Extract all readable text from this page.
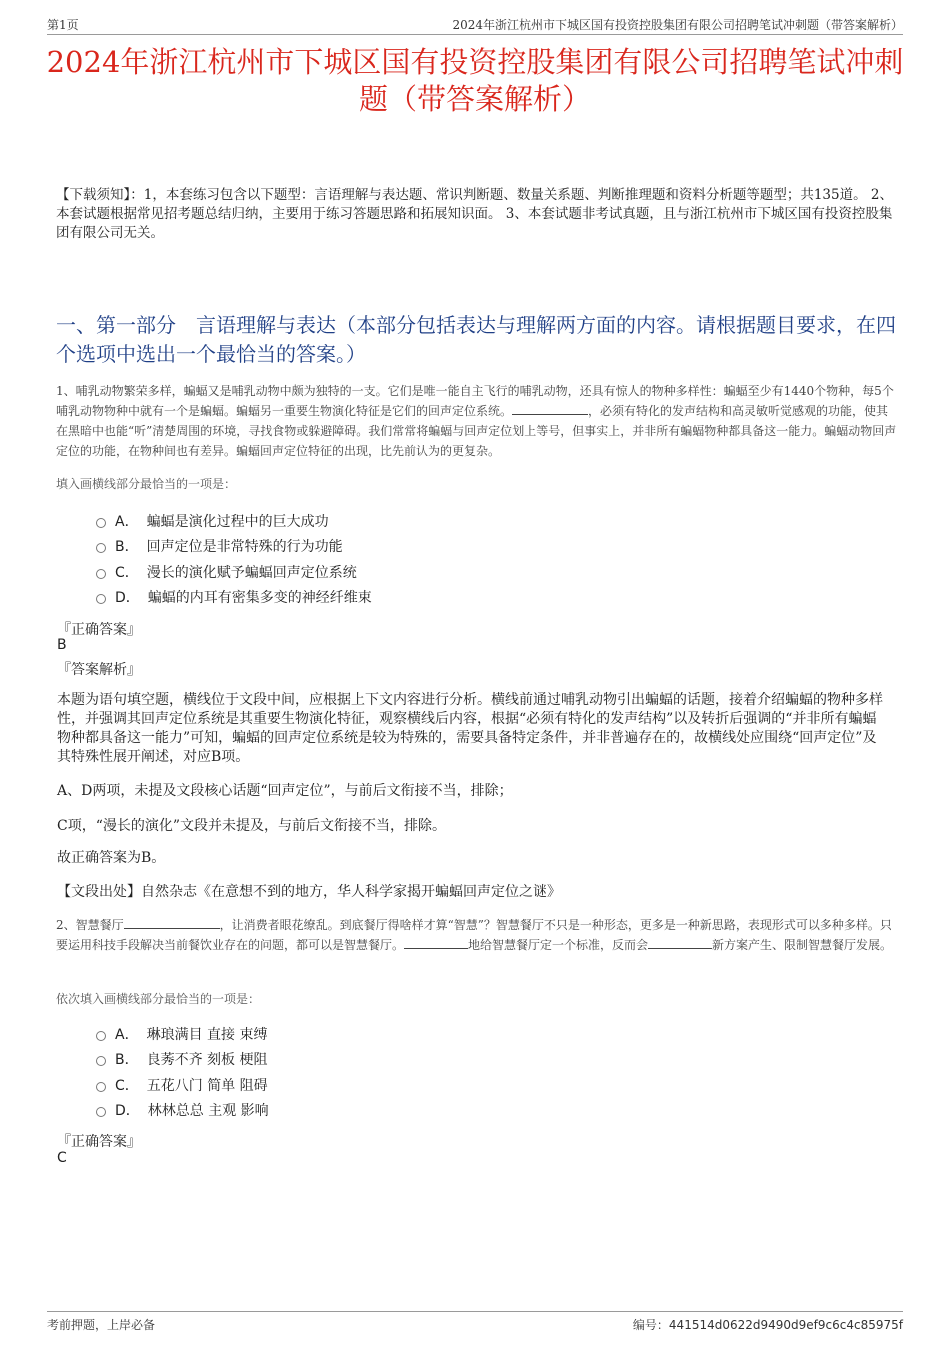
第1页	2024年浙江杭州市下城区国有投资控股集团有限公司招聘笔试冲刺题（带答案解析）
2024年浙江杭州市下城区国有投资控股集团有限公司招聘笔试冲刺题（带答案解析）
【下载须知】：1，本套练习包含以下题型：言语理解与表达题、常识判断题、数量关系题、判断推理题和资料分析题等题型；共135道。 2、本套试题根据常见招考题总结归纳，主要用于练习答题思路和拓展知识面。 3、本套试题非考试真题，且与浙江杭州市下城区国有投资控股集团有限公司无关。
一、第一部分　言语理解与表达（本部分包括表达与理解两方面的内容。请根据题目要求，在四个选项中选出一个最恰当的答案。）
1、哺乳动物繁荣多样，蝙蝠又是哺乳动物中颇为独特的一支。它们是唯一能自主飞行的哺乳动物，还具有惊人的物种多样性：蝙蝠至少有1440个物种，每5个哺乳动物物种中就有一个是蝙蝠。蝙蝠另一重要生物演化特征是它们的回声定位系统。	，必须有特化的发声结构和高灵敏听觉感观的功能，使其在黑暗中也能“听”清楚周围的环境，寻找食物或躲避障碍。我们常常将蝙蝠与回声定位划上等号，但事实上，并非所有蝙蝠物种都具备这一能力。蝙蝠动物回声定位的功能，在物种间也有差异。蝙蝠回声定位特征的出现，比先前认为的更复杂。
填入画横线部分最恰当的一项是：
A． 蝙蝠是演化过程中的巨大成功
B． 回声定位是非常特殊的行为功能
C． 漫长的演化赋予蝙蝠回声定位系统
D． 蝙蝠的内耳有密集多变的神经纤维束
『正确答案』
B
『答案解析』
本题为语句填空题，横线位于文段中间，应根据上下文内容进行分析。横线前通过哺乳动物引出蝙蝠的话题，接着介绍蝙蝠的物种多样性，并强调其回声定位系统是其重要生物演化特征，观察横线后内容，根据“必须有特化的发声结构”以及转折后强调的“并非所有蝙蝠物种都具备这一能力”可知，蝙蝠的回声定位系统是较为特殊的，需要具备特定条件，并非普遍存在的，故横线处应围绕“回声定位”及其特殊性展开阐述，对应B项。
A、D两项，未提及文段核心话题“回声定位”，与前后文衔接不当，排除；
C项，“漫长的演化”文段并未提及，与前后文衔接不当，排除。
故正确答案为B。
【文段出处】自然杂志《在意想不到的地方，华人科学家揭开蝙蝠回声定位之谜》
2、智慧餐厅	，让消费者眼花缭乱。到底餐厅得啥样才算“智慧”？智慧餐厅不只是一种形态，更多是一种新思路，表现形式可以多种多样。只要运用科技手段解决当前餐饮业存在的问题，都可以是智慧餐厅。	地给智慧餐厅定一个标准，反而会	新方案产生、限制智慧餐厅发展。
依次填入画横线部分最恰当的一项是：
A． 琳琅满目 直接 束缚
B． 良莠不齐 刻板 梗阻
C． 五花八门 简单 阻碍
D． 林林总总 主观 影响
『正确答案』
C
考前押题，上岸必备	编号：441514d0622d9490d9ef9c6c4c85975f
